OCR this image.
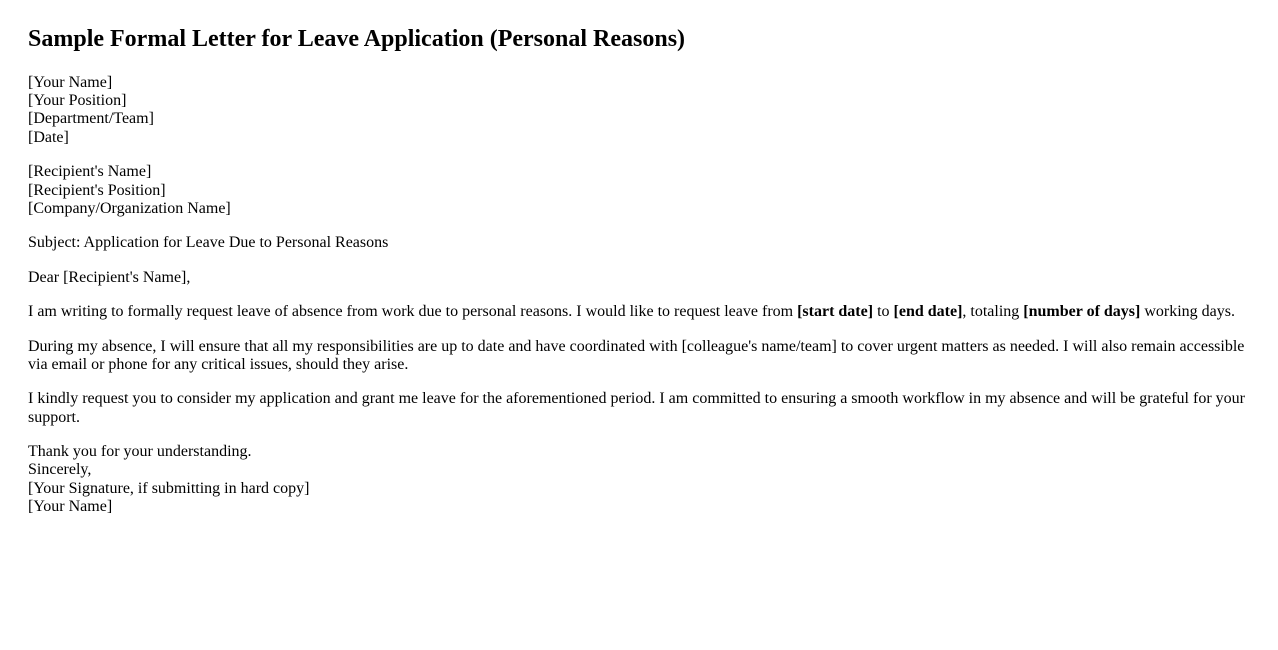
Sample Formal Letter for Leave Application (Personal Reasons)

[Your Name]
[Your Position]
[Department/Team]
[Date]

[Recipient's Name]
[Recipient's Position]
[Company/Organization Name]

Subject: Application for Leave Due to Personal Reasons

Dear [Recipient's Name],

I am writing to formally request leave of absence from work due to personal reasons. I would like to request leave from [start date] to [end date], totaling [number of days] working days.

During my absence, I will ensure that all my responsibilities are up to date and have coordinated with [colleague's name/team] to cover urgent matters as needed. I will also remain accessible via email or phone for any critical issues, should they arise.

I kindly request you to consider my application and grant me leave for the aforementioned period. I am committed to ensuring a smooth workflow in my absence and will be grateful for your support.

Thank you for your understanding.
Sincerely,
[Your Signature, if submitting in hard copy]
[Your Name]
